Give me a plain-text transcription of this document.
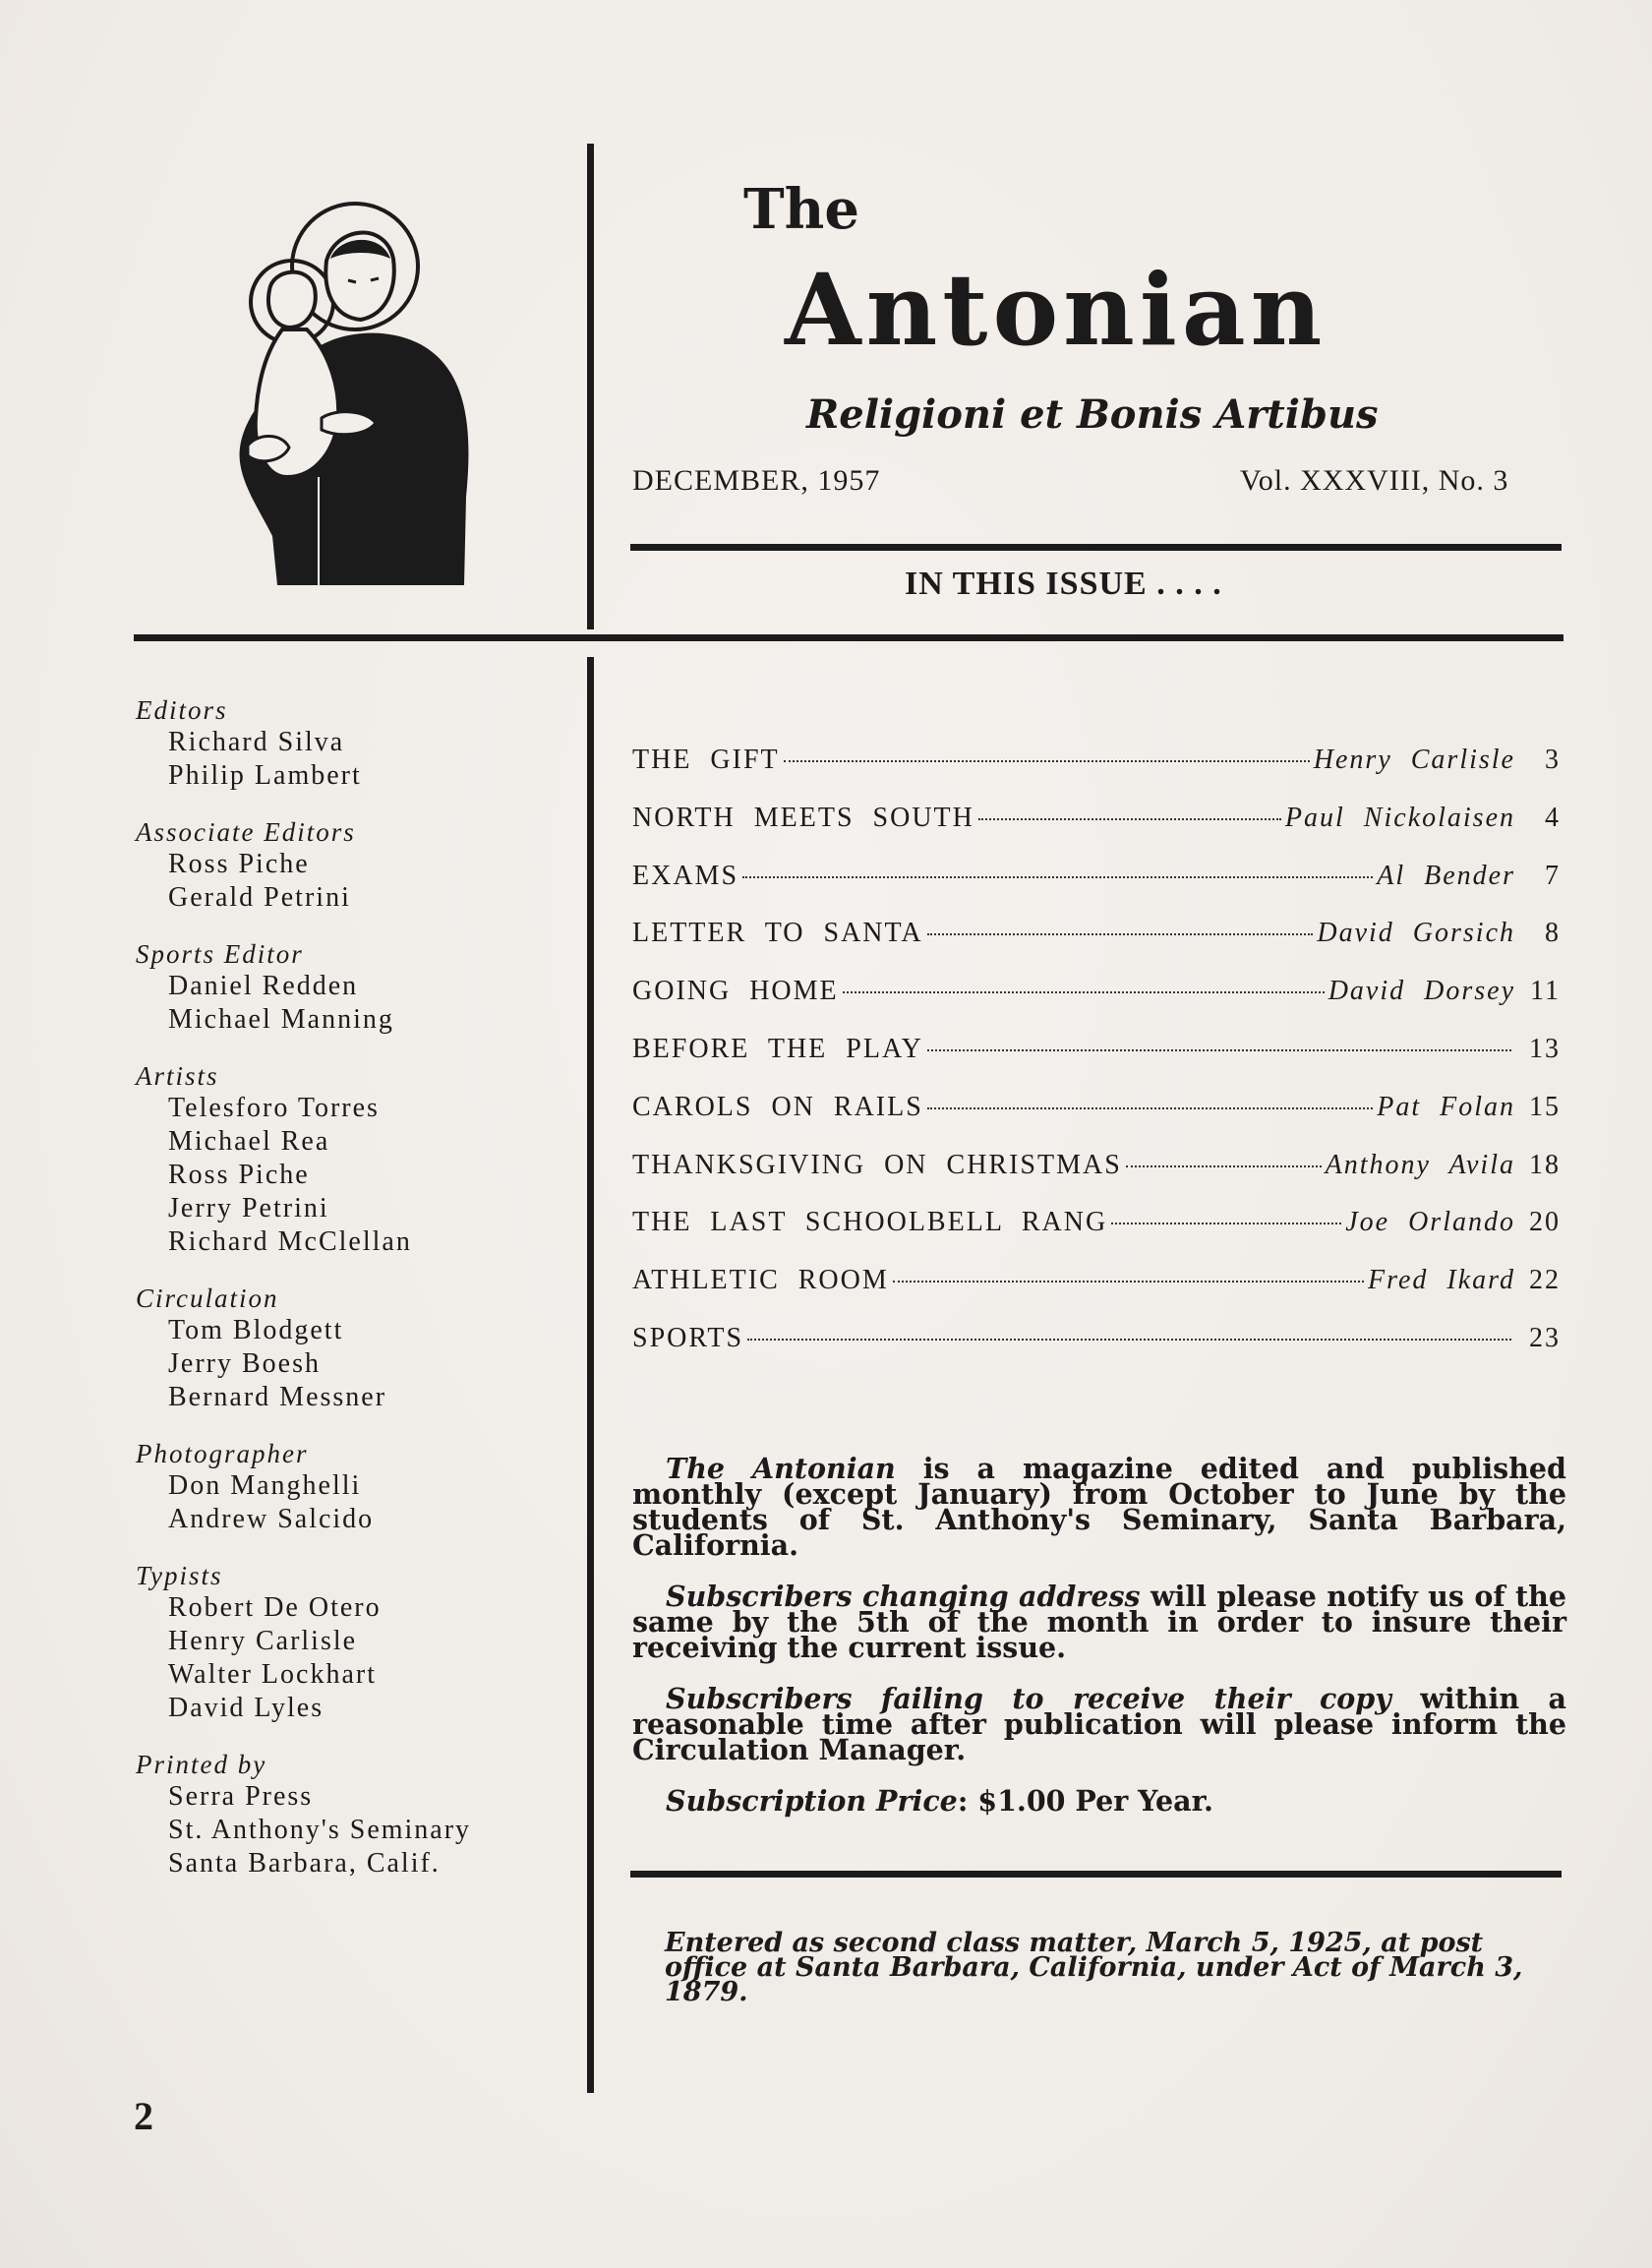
The
Antonian
Religioni et Bonis Artibus
DECEMBER, 1957	Vol. XXXVIII, No. 3
IN THIS ISSUE . . . .
Editors
Richard Silva
Philip Lambert
Associate Editors
Ross Piche
Gerald Petrini
Sports Editor
Daniel Redden
Michael Manning
Artists
Telesforo Torres
Michael Rea
Ross Piche
Jerry Petrini
Richard McClellan
Circulation
Tom Blodgett
Jerry Boesh
Bernard Messner
Photographer
Don Manghelli
Andrew Salcido
Typists
Robert De Otero
Henry Carlisle
Walter Lockhart
David Lyles
Printed by
Serra Press
St. Anthony's Seminary
Santa Barbara, Calif.
THE GIFT	Henry Carlisle	3
NORTH MEETS SOUTH	Paul Nickolaisen	4
EXAMS	Al Bender	7
LETTER TO SANTA	David Gorsich	8
GOING HOME	David Dorsey 11
BEFORE THE PLAY	13
CAROLS ON RAILS	Pat Folan 15
THANKSGIVING ON CHRISTMAS	Anthony Avila 18
THE LAST SCHOOLBELL RANG	Joe Orlando 20
ATHLETIC ROOM	Fred Ikard 22
SPORTS	23

The Antonian is a magazine edited and published monthly (except January) from October to June by the students of St. Anthony's Seminary, Santa Barbara, California.

Subscribers changing address will please notify us of the same by the 5th of the month in order to insure their receiving the current issue.

Subscribers failing to receive their copy within a reasonable time after publication will please inform the Circulation Manager.

Subscription Price: $1.00 Per Year.

Entered as second class matter, March 5, 1925, at post office at Santa Barbara, California, under Act of March 3, 1879.
2
